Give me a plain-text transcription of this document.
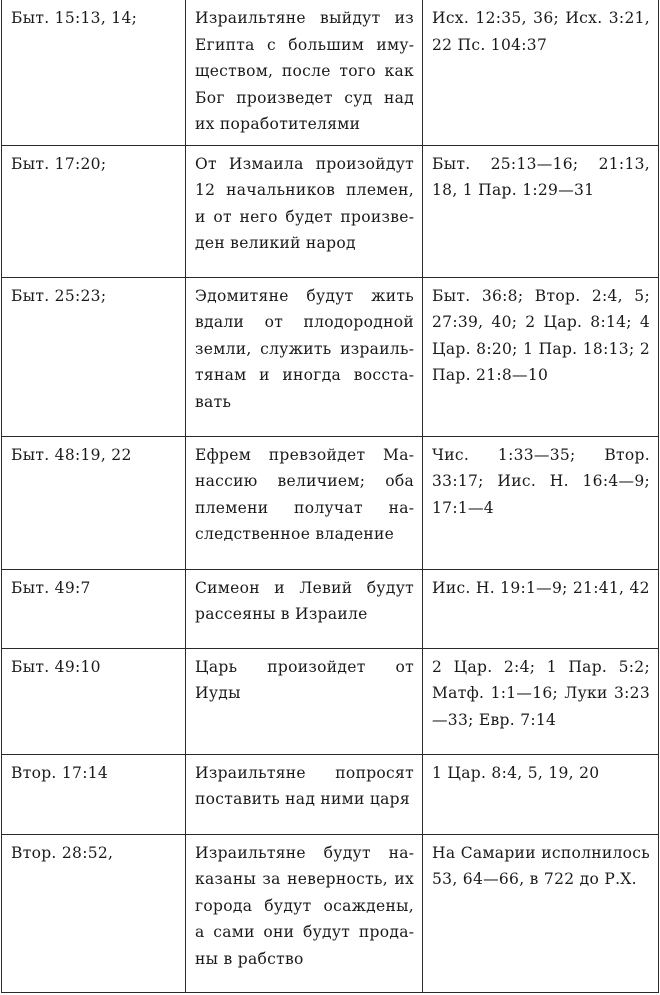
Быт. 15:13, 14;	Израильтяне выйдут из Египта с большим имуществом, после того как Бог произведет суд над их поработителями	Исх. 12:35, 36; Исх. 3:21, 22 Пс. 104:37
Быт. 17:20;	От Измаила произойдут 12 начальников племен, и от него будет произведен великий народ	Быт. 25:13—16; 21:13, 18, 1 Пар. 1:29—31
Быт. 25:23;	Эдомитяне будут жить вдали от плодородной земли, служить израильтянам и иногда восставать	Быт. 36:8; Втор. 2:4, 5; 27:39, 40; 2 Цар. 8:14; 4 Цар. 8:20; 1 Пар. 18:13; 2 Пар. 21:8—10
Быт. 48:19, 22	Ефрем превзойдет Манассию величием; оба племени получат наследственное владение	Чис. 1:33—35; Втор. 33:17; Иис. Н. 16:4—9; 17:1—4
Быт. 49:7	Симеон и Левий будут рассеяны в Израиле	Иис. Н. 19:1—9; 21:41, 42
Быт. 49:10	Царь произойдет от Иуды	2 Цар. 2:4; 1 Пар. 5:2; Матф. 1:1—16; Луки 3:23—33; Евр. 7:14
Втор. 17:14	Израильтяне попросят поставить над ними царя	1 Цар. 8:4, 5, 19, 20
Втор. 28:52,	Израильтяне будут наказаны за неверность, их города будут осаждены, а сами они будут проданы в рабство	На Самарии исполнилось 53, 64—66, в 722 до Р.Х.
